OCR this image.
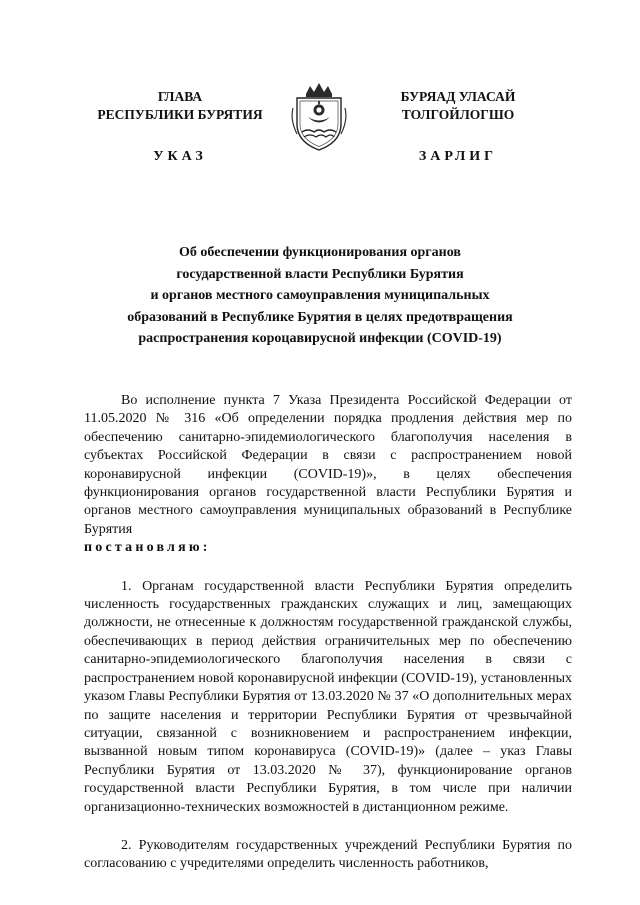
ГЛАВА
РЕСПУБЛИКИ БУРЯТИЯ
УКАЗ
БУРЯАД УЛАСАЙ
ТОЛГОЙЛОГШО
ЗАРЛИГ
Об обеспечении функционирования органов
государственной власти Республики Бурятия
и органов местного самоуправления муниципальных
образований в Республике Бурятия в целях предотвращения
распространения короцавирусной инфекции (COVID-19)

Во исполнение пункта 7 Указа Президента Российской Федерации от 11.05.2020 № 316 «Об определении порядка продления действия мер по обеспечению санитарно-эпидемиологического благополучия населения в субъектах Российской Федерации в связи с распространением новой коронавирусной инфекции (COVID-19)», в целях обеспечения функционирования органов государственной власти Республики Бурятия и органов местного самоуправления муниципальных образований в Республике Бурятия
постановляю:

1. Органам государственной власти Республики Бурятия определить численность государственных гражданских служащих и лиц, замещающих должности, не отнесенные к должностям государственной гражданской службы, обеспечивающих в период действия ограничительных мер по обеспечению санитарно-эпидемиологического благополучия населения в связи с распространением новой коронавирусной инфекции (COVID-19), установленных указом Главы Республики Бурятия от 13.03.2020 № 37 «О дополнительных мерах по защите населения и территории Республики Бурятия от чрезвычайной ситуации, связанной с возникновением и распространением инфекции, вызванной новым типом коронавируса (COVID-19)» (далее – указ Главы Республики Бурятия от 13.03.2020 № 37), функционирование органов государственной власти Республики Бурятия, в том числе при наличии организационно-технических возможностей в дистанционном режиме.

2. Руководителям государственных учреждений Республики Бурятия по согласованию с учредителями определить численность работников,
